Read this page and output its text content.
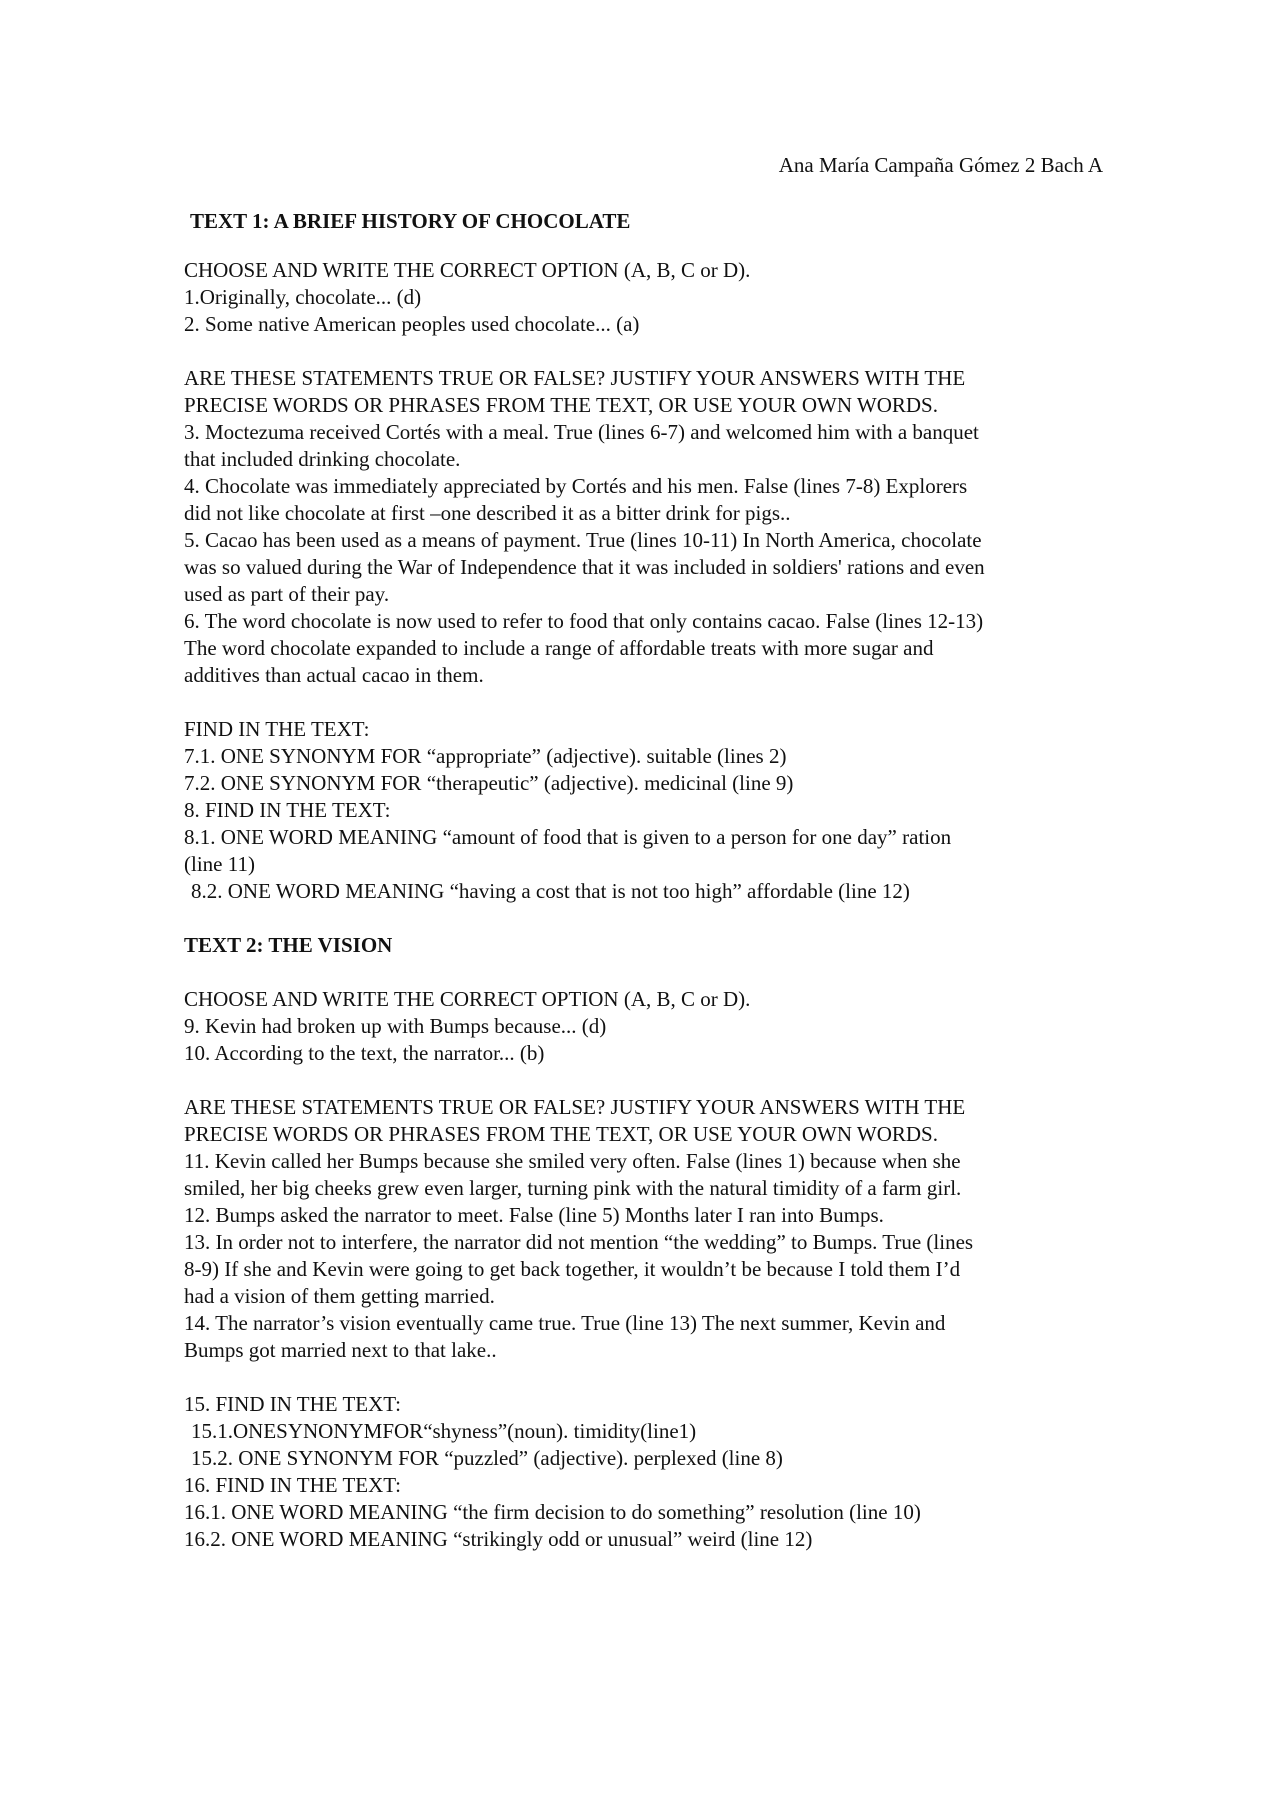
Ana María Campaña Gómez 2 Bach A
TEXT 1: A BRIEF HISTORY OF CHOCOLATE
CHOOSE AND WRITE THE CORRECT OPTION (A, B, C or D).
1.Originally, chocolate... (d)
2. Some native American peoples used chocolate... (a)
ARE THESE STATEMENTS TRUE OR FALSE? JUSTIFY YOUR ANSWERS WITH THE
PRECISE WORDS OR PHRASES FROM THE TEXT, OR USE YOUR OWN WORDS.
3. Moctezuma received Cortés with a meal. True (lines 6-7) and welcomed him with a banquet
that included drinking chocolate.
4. Chocolate was immediately appreciated by Cortés and his men. False (lines 7-8) Explorers
did not like chocolate at first –one described it as a bitter drink for pigs..
5. Cacao has been used as a means of payment. True (lines 10-11) In North America, chocolate
was so valued during the War of Independence that it was included in soldiers' rations and even
used as part of their pay.
6. The word chocolate is now used to refer to food that only contains cacao. False (lines 12-13)
The word chocolate expanded to include a range of affordable treats with more sugar and
additives than actual cacao in them.
FIND IN THE TEXT:
7.1. ONE SYNONYM FOR “appropriate” (adjective). suitable (lines 2)
7.2. ONE SYNONYM FOR “therapeutic” (adjective). medicinal (line 9)
8. FIND IN THE TEXT:
8.1. ONE WORD MEANING “amount of food that is given to a person for one day” ration
(line 11)
8.2. ONE WORD MEANING “having a cost that is not too high” affordable (line 12)
TEXT 2: THE VISION
CHOOSE AND WRITE THE CORRECT OPTION (A, B, C or D).
9. Kevin had broken up with Bumps because... (d)
10. According to the text, the narrator... (b)
ARE THESE STATEMENTS TRUE OR FALSE? JUSTIFY YOUR ANSWERS WITH THE
PRECISE WORDS OR PHRASES FROM THE TEXT, OR USE YOUR OWN WORDS.
11. Kevin called her Bumps because she smiled very often. False (lines 1) because when she
smiled, her big cheeks grew even larger, turning pink with the natural timidity of a farm girl.
12. Bumps asked the narrator to meet. False (line 5) Months later I ran into Bumps.
13. In order not to interfere, the narrator did not mention “the wedding” to Bumps. True (lines
8-9) If she and Kevin were going to get back together, it wouldn’t be because I told them I’d
had a vision of them getting married.
14. The narrator’s vision eventually came true. True (line 13) The next summer, Kevin and
Bumps got married next to that lake..
15. FIND IN THE TEXT:
15.1.ONESYNONYMFOR“shyness”(noun). timidity(line1)
15.2. ONE SYNONYM FOR “puzzled” (adjective). perplexed (line 8)
16. FIND IN THE TEXT:
16.1. ONE WORD MEANING “the firm decision to do something” resolution (line 10)
16.2. ONE WORD MEANING “strikingly odd or unusual” weird (line 12)
